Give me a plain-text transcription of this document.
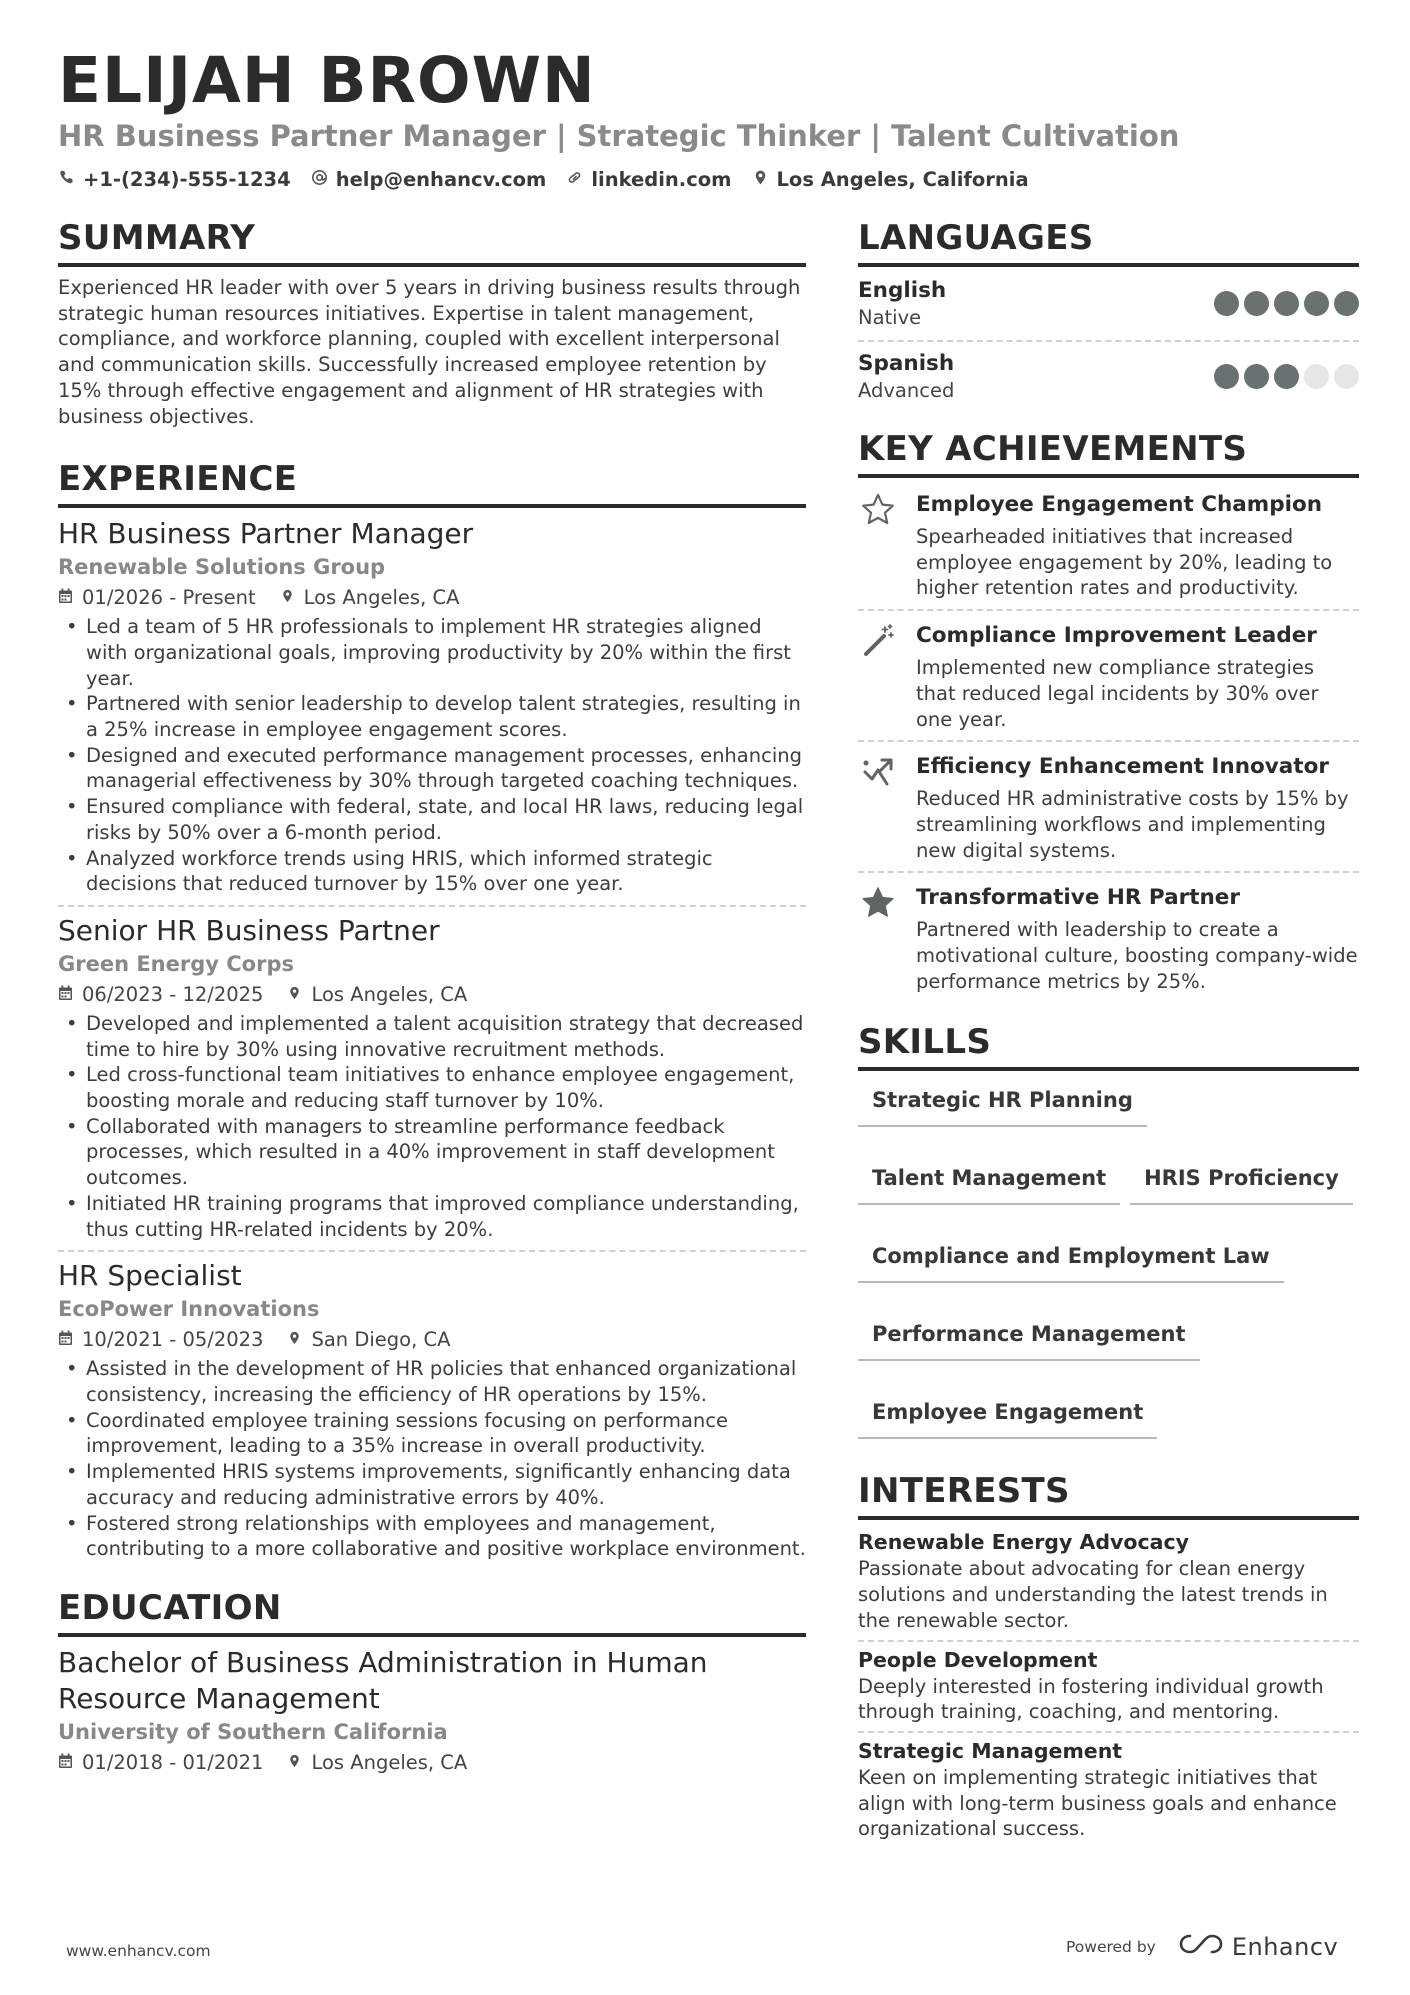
ELIJAH BROWN
HR Business Partner Manager | Strategic Thinker | Talent Cultivation
+1-(234)-555-1234 help@enhancv.com linkedin.com Los Angeles, California
SUMMARY
Experienced HR leader with over 5 years in driving business results through strategic human resources initiatives. Expertise in talent management, compliance, and workforce planning, coupled with excellent interpersonal and communication skills. Successfully increased employee retention by 15% through effective engagement and alignment of HR strategies with business objectives.
EXPERIENCE
HR Business Partner Manager
Renewable Solutions Group
01/2026 - Present Los Angeles, CA
• Led a team of 5 HR professionals to implement HR strategies aligned with organizational goals, improving productivity by 20% within the first year.
• Partnered with senior leadership to develop talent strategies, resulting in a 25% increase in employee engagement scores.
• Designed and executed performance management processes, enhancing managerial effectiveness by 30% through targeted coaching techniques.
• Ensured compliance with federal, state, and local HR laws, reducing legal risks by 50% over a 6-month period.
• Analyzed workforce trends using HRIS, which informed strategic decisions that reduced turnover by 15% over one year.
Senior HR Business Partner
Green Energy Corps
06/2023 - 12/2025 Los Angeles, CA
• Developed and implemented a talent acquisition strategy that decreased time to hire by 30% using innovative recruitment methods.
• Led cross-functional team initiatives to enhance employee engagement, boosting morale and reducing staff turnover by 10%.
• Collaborated with managers to streamline performance feedback processes, which resulted in a 40% improvement in staff development outcomes.
• Initiated HR training programs that improved compliance understanding, thus cutting HR-related incidents by 20%.
HR Specialist
EcoPower Innovations
10/2021 - 05/2023 San Diego, CA
• Assisted in the development of HR policies that enhanced organizational consistency, increasing the efficiency of HR operations by 15%.
• Coordinated employee training sessions focusing on performance improvement, leading to a 35% increase in overall productivity.
• Implemented HRIS systems improvements, significantly enhancing data accuracy and reducing administrative errors by 40%.
• Fostered strong relationships with employees and management, contributing to a more collaborative and positive workplace environment.
EDUCATION
Bachelor of Business Administration in Human Resource Management
University of Southern California
01/2018 - 01/2021 Los Angeles, CA
LANGUAGES
English
Native
Spanish
Advanced
KEY ACHIEVEMENTS
Employee Engagement Champion
Spearheaded initiatives that increased employee engagement by 20%, leading to higher retention rates and productivity.
Compliance Improvement Leader
Implemented new compliance strategies that reduced legal incidents by 30% over one year.
Efficiency Enhancement Innovator
Reduced HR administrative costs by 15% by streamlining workflows and implementing new digital systems.
Transformative HR Partner
Partnered with leadership to create a motivational culture, boosting company-wide performance metrics by 25%.
SKILLS
Strategic HR Planning
Talent Management	HRIS Proficiency
Compliance and Employment Law
Performance Management
Employee Engagement
INTERESTS
Renewable Energy Advocacy
Passionate about advocating for clean energy solutions and understanding the latest trends in the renewable sector.
People Development
Deeply interested in fostering individual growth through training, coaching, and mentoring.
Strategic Management
Keen on implementing strategic initiatives that align with long-term business goals and enhance organizational success.
www.enhancv.com	Powered by	Enhancv
